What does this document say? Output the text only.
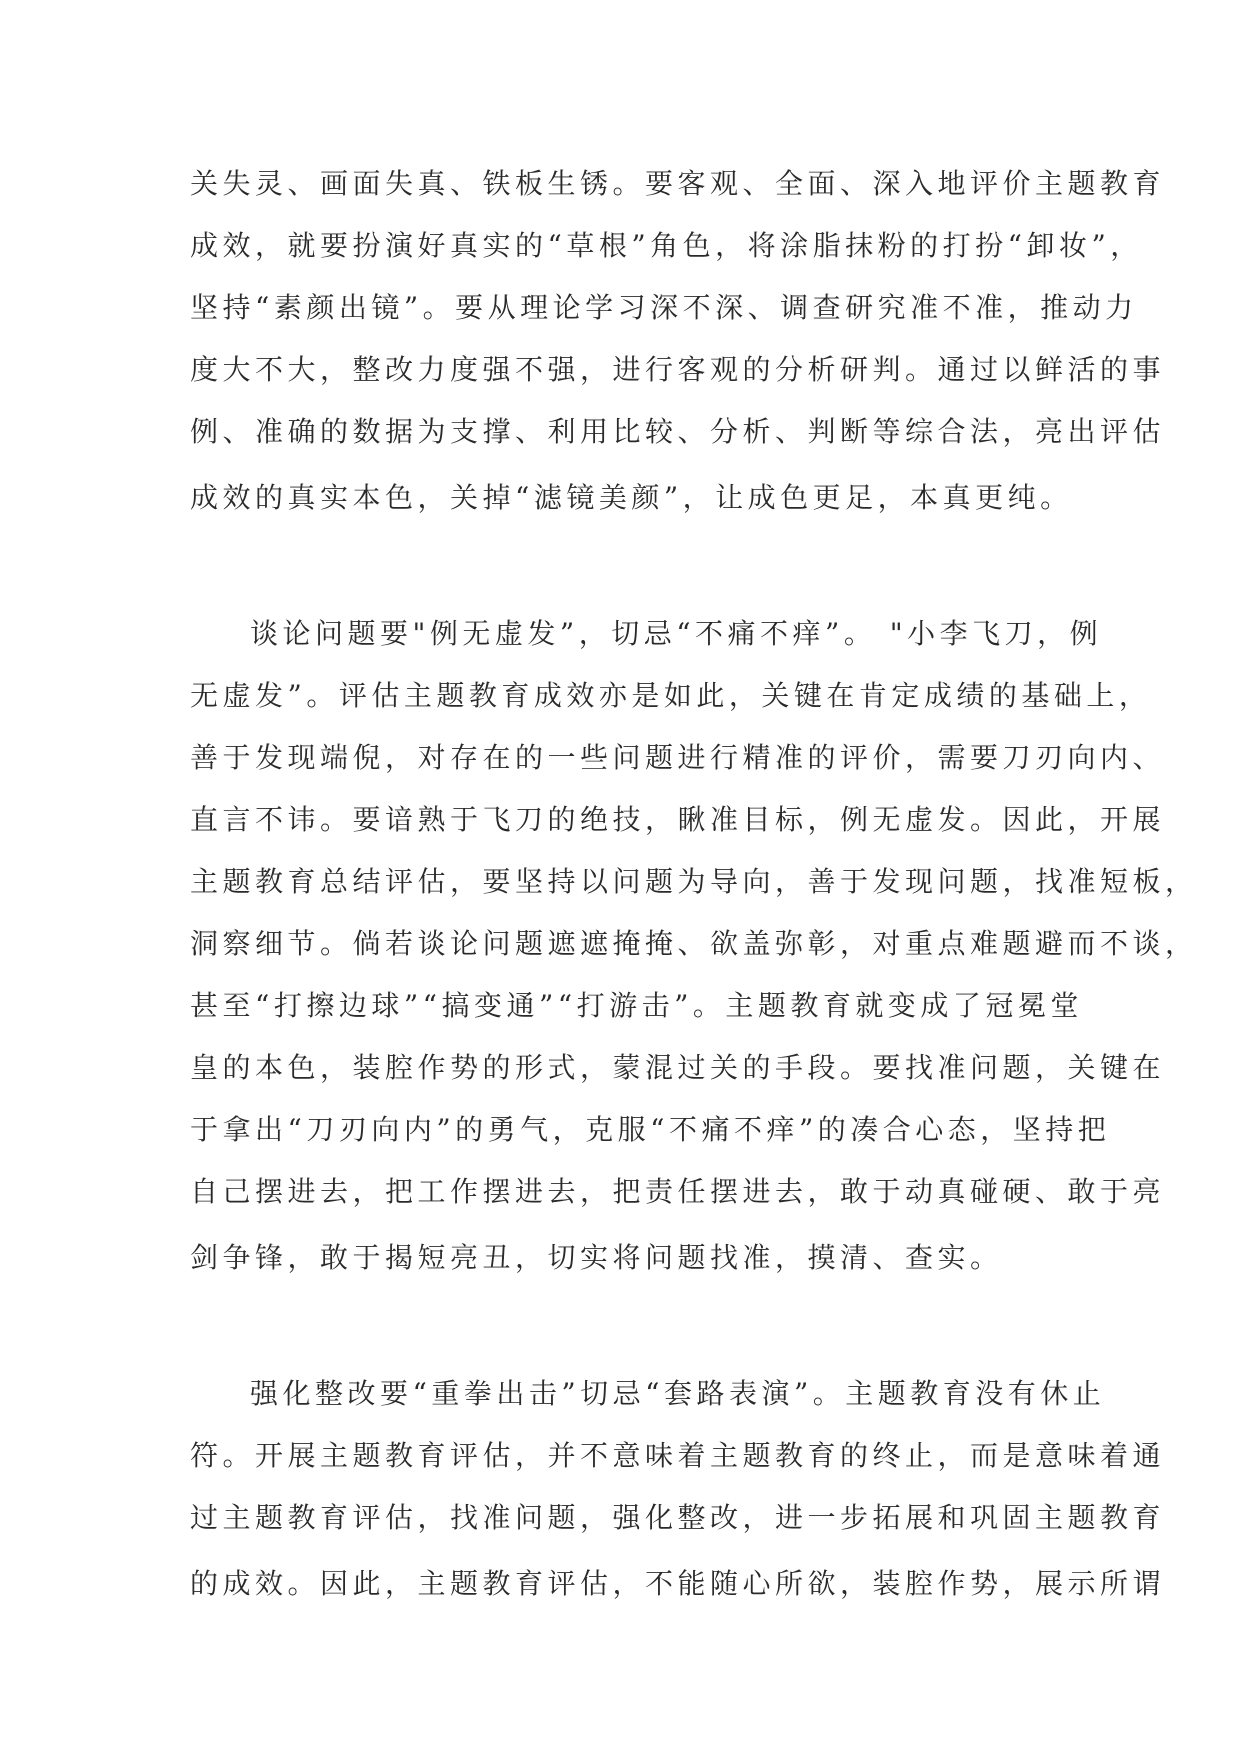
关失灵、画面失真、铁板生锈。要客观、全面、深入地评价主题教育

成效，就要扮演好真实的“草根”角色，将涂脂抹粉的打扮“卸妆”，

坚持“素颜出镜”。要从理论学习深不深、调查研究准不准，推动力

度大不大，整改力度强不强，进行客观的分析研判。通过以鲜活的事

例、准确的数据为支撑、利用比较、分析、判断等综合法，亮出评估

成效的真实本色，关掉“滤镜美颜”，让成色更足，本真更纯。

谈论问题要"例无虚发”，切忌“不痛不痒”。 "小李飞刀，例

无虚发”。评估主题教育成效亦是如此，关键在肯定成绩的基础上，

善于发现端倪，对存在的一些问题进行精准的评价，需要刀刃向内、

直言不讳。要谙熟于飞刀的绝技，瞅准目标，例无虚发。因此，开展

主题教育总结评估，要坚持以问题为导向，善于发现问题，找准短板，

洞察细节。倘若谈论问题遮遮掩掩、欲盖弥彰，对重点难题避而不谈，

甚至“打擦边球”“搞变通”“打游击”。主题教育就变成了冠冕堂

皇的本色，装腔作势的形式，蒙混过关的手段。要找准问题，关键在

于拿出“刀刃向内”的勇气，克服“不痛不痒”的凑合心态，坚持把

自己摆进去，把工作摆进去，把责任摆进去，敢于动真碰硬、敢于亮

剑争锋，敢于揭短亮丑，切实将问题找准，摸清、查实。

强化整改要“重拳出击”切忌“套路表演”。主题教育没有休止

符。开展主题教育评估，并不意味着主题教育的终止，而是意味着通

过主题教育评估，找准问题，强化整改，进一步拓展和巩固主题教育

的成效。因此，主题教育评估，不能随心所欲，装腔作势，展示所谓
